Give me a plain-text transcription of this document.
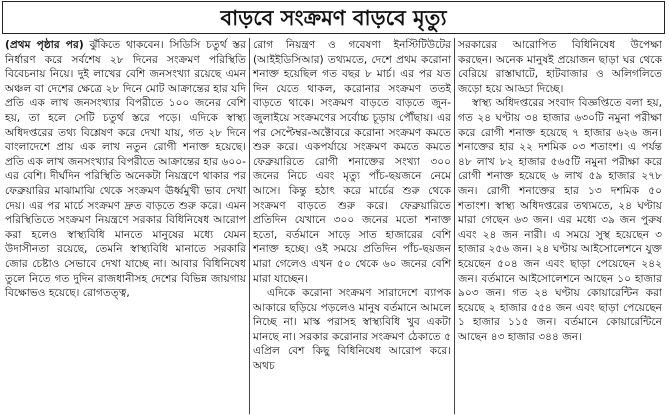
বাড়বে সংক্রমণ বাড়বে মৃত্যু

(প্রথম পৃষ্ঠার পর) ঝুঁকিতে থাকবেন। সিডিসি চতুর্থ স্তর নির্ধারণ করে সর্বশেষ ২৮ দিনের সংক্রমণ পরিস্থিতি বিবেচনায় নিয়ে। দুই লাখের বেশি জনসংখ্যা রয়েছে এমন অঞ্চল বা দেশের ক্ষেত্রে ২৮ দিনে মোট আক্রান্তের হার যদি প্রতি এক লাখ জনসংখ্যার বিপরীতে ১০০ জনের বেশি হয়, তা হলে সেটি চতুর্থ স্তরে পড়ে। এদিকে স্বাস্থ্য অধিদপ্তরের তথ্য বিশ্লেষণ করে দেখা যায়, গত ২৮ দিনে বাংলাদেশে প্রায় এক লাখ নতুন রোগী শনাক্ত হয়েছে। প্রতি এক লাখ জনসংখ্যার বিপরীতে আক্রান্তের হার ৬০০-এর বেশি। দীর্ঘদিন পরিস্থিতি অনেকটা নিয়ন্ত্রণে থাকার পর ফেব্রুয়ারির মাঝামাঝি থেকে সংক্রমণ ঊর্ধ্বমুখী ভাব দেখা দেয়। এর পর মার্চে সংক্রমণ দ্রুত বাড়তে শুরু করে। এমন পরিস্থিতিতে সংক্রমণ নিয়ন্ত্রণে সরকার বিধিনিষেধ আরোপ করা হলেও স্বাস্থ্যবিধি মানতে মানুষের মধ্যে যেমন উদাসীনতা রয়েছে, তেমনি স্বাস্থ্যবিধি মানাতে সরকারি জোর চেষ্টাও সেভাবে দেখা যাচ্ছে না। আবার বিধিনিষেধ তুলে নিতে গত দুদিন রাজধানীসহ দেশের বিভিন্ন জায়গায় বিক্ষোভও হয়েছে। রোগতত্ত্ব,

রোগ নিয়ন্ত্রণ ও গবেষণা ইনস্টিটিউটের (আইইডিসিআর) তথ্যমতে, দেশে প্রথম করোনা শনাক্ত হয়েছিল গত বছর ৮ মার্চ। এর পর যত দিন যেতে থাকল, করোনার সংক্রমণ ততই বাড়তে থাকে। সংক্রমণ বাড়তে বাড়তে জুন-জুলাইয়ে সংক্রমণের সর্বোচ্চ চূড়ায় পৌঁছায়। এর পর সেপ্টেম্বর-অক্টোবরে করোনা সংক্রমণ কমতে শুরু করে। একপর্যায়ে সংক্রমণ কমতে কমতে ফেব্রুয়ারিতে রোগী শনাক্তের সংখ্যা ৩০০ জনের নিচে এবং মৃত্যু পাঁচ-ছয়জনে নেমে আসে। কিন্তু হঠাৎ করে মার্চের শুরু থেকে সংক্রমণ বাড়তে শুরু করে। ফেব্রুয়ারিতে প্রতিদিন যেখানে ৩০০ জনের মতো শনাক্ত হতো, বর্তমানে সাড়ে সাত হাজারের বেশি শনাক্ত হচ্ছে। ওই সময়ে প্রতিদিন পাঁচ-ছয়জন মারা গেলেও এখন ৫০ থেকে ৬০ জনের বেশি মারা যাচ্ছেন।

এদিকে করোনা সংক্রমণ সারাদেশে ব্যাপক আকারে ছড়িয়ে পড়লেও মানুষ বর্তমানে আমলে নিচ্ছে না। মাস্ক পরাসহ স্বাস্থ্যবিধি খুব একটা মানছে না। সরকার করোনার সংক্রমণ ঠেকাতে ৫ এপ্রিল বেশ কিছু বিধিনিষেধ আরোপ করে। অথচ

সরকারের আরোপিত বিধিনিষেধ উপেক্ষা করছেন। অনেক মানুষই প্রয়োজন ছাড়া ঘর থেকে বেরিয়ে রাস্তাঘাটে, হাটবাজার ও অলিগলিতে জড়ো হয়ে আড্ডা দিচ্ছে।

স্বাস্থ্য অধিদপ্তরের সংবাদ বিজ্ঞপ্তিতে বলা হয়, গত ২৪ ঘণ্টায় ৩৪ হাজার ৬৩০টি নমুনা পরীক্ষা করে রোগী শনাক্ত হয়েছে ৭ হাজার ৬২৬ জন। শনাক্তের হার ২২ দশমিক ০৩ শতাংশ। এ পর্যন্ত ৪৮ লাখ ৮২ হাজার ৫৬৫টি নমুনা পরীক্ষা করে রোগী শনাক্ত হয়েছে ৬ লাখ ৫৯ হাজার ২৭৮ জন। রোগী শনাক্তের হার ১৩ দশমিক ৫০ শতাংশ। স্বাস্থ্য অধিদপ্তরের তথ্যমতে, ২৪ ঘণ্টায় মারা গেছেন ৬৩ জন। এর মধ্যে ৩৯ জন পুরুষ এবং ২৪ জন নারী। এ সময়ে সুস্থ হয়েছেন ৩ হাজার ২৫৬ জন। ২৪ ঘণ্টায় আইসোলেশনে যুক্ত হয়েছেন ৫০৪ জন এবং ছাড়া পেয়েছেন ২৪২ জন। বর্তমানে আইসোলেশনে আছেন ১০ হাজার ৯০৩ জন। গত ২৪ ঘণ্টায় কোয়ারেন্টিন করা হয়েছে ২ হাজার ৫৫৪ জন এবং ছাড়া পেয়েছেন ১ হাজার ১১৫ জন। বর্তমানে কোয়ারেন্টিনে আছেন ৪৩ হাজার ৩৪৪ জন।
